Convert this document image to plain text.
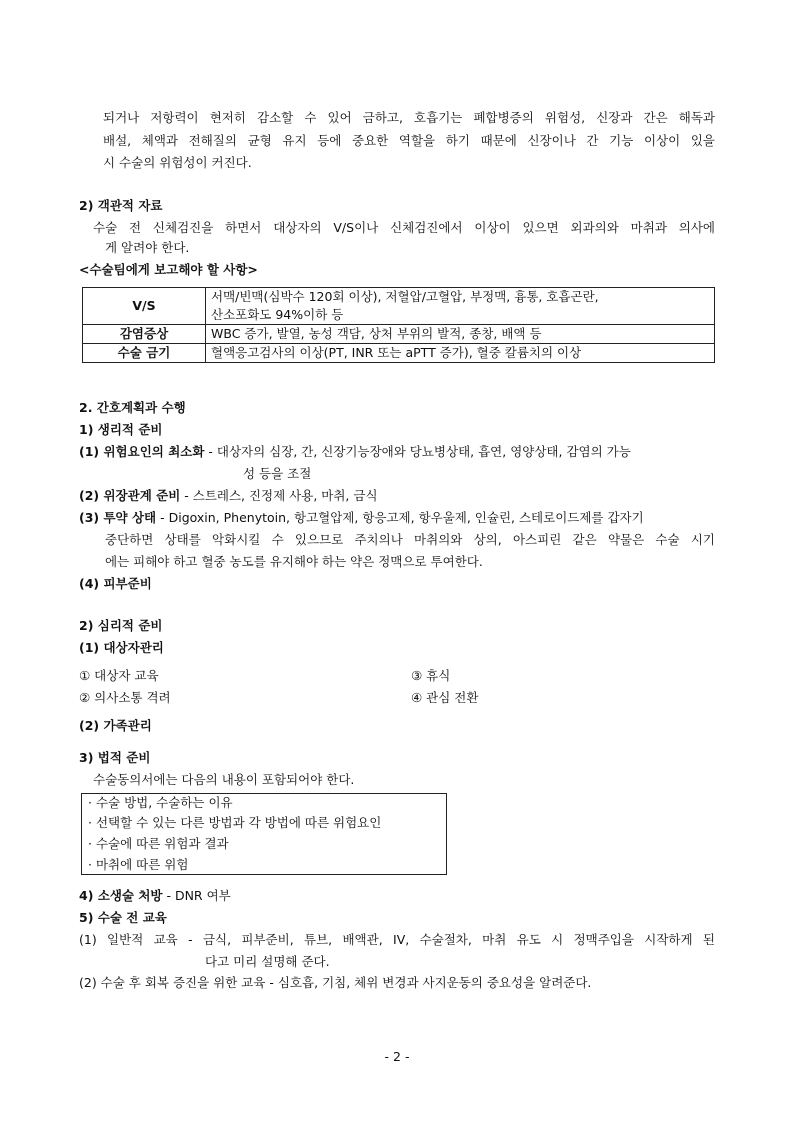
되거나 저항력이 현저히 감소할 수 있어 금하고, 호흡기는 폐합병증의 위험성, 신장과 간은 해독과
배설, 체액과 전해질의 균형 유지 등에 중요한 역할을 하기 때문에 신장이나 간 기능 이상이 있을
시 수술의 위험성이 커진다.
2) 객관적 자료
수술 전 신체검진을 하면서 대상자의 V/S이나 신체검진에서 이상이 있으면 외과의와 마취과 의사에
게 알려야 한다.
<수술팀에게 보고해야 할 사항>
V/S	서맥/빈맥(심박수 120회 이상), 저혈압/고혈압, 부정맥, 흉통, 호흡곤란,
산소포화도 94%이하 등

감염증상	WBC 증가, 발열, 농성 객담, 상처 부위의 발적, 종창, 배액 등
수술 금기	혈액응고검사의 이상(PT, INR 또는 aPTT 증가), 혈중 칼륨치의 이상
2. 간호계획과 수행
1) 생리적 준비
(1) 위험요인의 최소화 - 대상자의 심장, 간, 신장기능장애와 당뇨병상태, 흡연, 영양상태, 감염의 가능
성 등을 조절
(2) 위장관계 준비 - 스트레스, 진정제 사용, 마취, 금식
(3) 투약 상태 - Digoxin, Phenytoin, 항고혈압제, 항응고제, 항우울제, 인슐린, 스테로이드제를 갑자기
중단하면 상태를 악화시킬 수 있으므로 주치의나 마취의와 상의, 아스피린 같은 약물은 수술 시기
에는 피해야 하고 혈중 농도를 유지해야 하는 약은 정맥으로 투여한다.
(4) 피부준비
2) 심리적 준비
(1) 대상자관리
① 대상자 교육	③ 휴식
② 의사소통 격려	④ 관심 전환
(2) 가족관리
3) 법적 준비
수술동의서에는 다음의 내용이 포함되어야 한다.
· 수술 방법, 수술하는 이유
· 선택할 수 있는 다른 방법과 각 방법에 따른 위험요인
· 수술에 따른 위험과 결과
· 마취에 따른 위험
4) 소생술 처방 - DNR 여부
5) 수술 전 교육
(1) 일반적 교육 - 금식, 피부준비, 튜브, 배액관, IV, 수술절차, 마취 유도 시 정맥주입을 시작하게 된
다고 미리 설명해 준다.
(2) 수술 후 회복 증진을 위한 교육 - 심호흡, 기침, 체위 변경과 사지운동의 중요성을 알려준다.
- 2 -
